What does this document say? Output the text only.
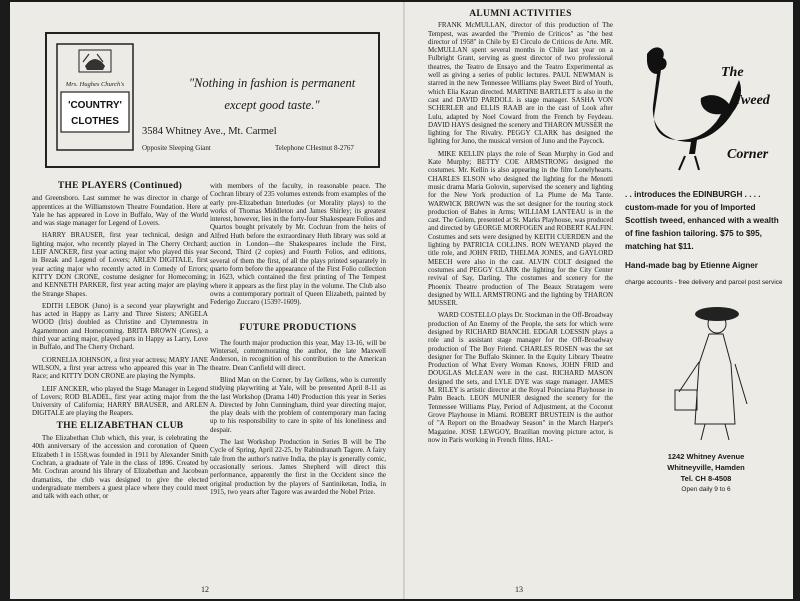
Mrs. Hughes Church's
'COUNTRY'
CLOTHES
"Nothing in fashion is permanent
except good taste."
3584 Whitney Ave., Mt. Carmel
Opposite Sleeping Giant	Telephone CHestnut 8-2767
THE PLAYERS (Continued)

and Greensboro. Last summer he was director in charge of apprentices at the Williamstown Theatre Foundation. Here at Yale he has appeared in Love in Buffalo, Way of the World and was stage manager for Legend of Lovers.

HARRY BRAUSER, first year technical, design and lighting major, who recently played in The Cherry Orchard; LEIF ANCKER, first year acting major who played this year in Bezak and Legend of Lovers; ARLEN DIGITALE, first year acting major who recently acted in Comedy of Errors; KITTY DON CRONE, costume designer for Homecoming; and KENNETH PARKER, first year acting major are playing the Strange Shapes.

EDITH LEBOK (Juno) is a second year playwright and has acted in Happy as Larry and Three Sisters; ANGELA WOOD (Iris) doubled as Christine and Clytemnestra in Agamemnon and Homecoming. BRITA BROWN (Ceres), a third year acting major, played parts in Happy as Larry, Love in Buffalo, and The Cherry Orchard.

CORNELIA JOHNSON, a first year actress; MARY JANE WILSON, a first year actress who appeared this year in The Race; and KITTY DON CRONE are playing the Nymphs.

LEIF ANCKER, who played the Stage Manager in Legend of Lovers; ROD BLADEL, first year acting major from the University of California; HARRY BRAUSER, and ARLEN DIGITALE are playing the Reapers.

THE ELIZABETHAN CLUB

The Elizabethan Club which, this year, is celebrating the 40th anniversary of the accession and coronation of Queen Elizabeth I in 1558,was founded in 1911 by Alexander Smith Cochran, a graduate of Yale in the class of 1896. Created by Mr. Cochran around his library of Elizabethan and Jacobean dramatists, the club was designed to give the elected undergraduate members a guest place where they could meet and talk with each other, or

with members of the faculty, in reasonable peace. The Cochran library of 235 volumes extends from examples of the early pre-Elizabethan Interludes (or Morality plays) to the works of Thomas Middleton and James Shirley; its greatest interest, however, lies in the forty-four Shakespeare Folios and Quartos bought privately by Mr. Cochran from the heirs of Alfred Huth before the extraordinary Huth library was sold at auction in London—the Shakespeares include the First, Second, Third (2 copies) and Fourth Folios, and editions, several of them the first, of all the plays printed separately in quarto form before the appearance of the First Folio collection in 1623, which contained the first printing of The Tempest where it appears as the first play in the volume. The Club also owns a contemporary portrait of Queen Elizabeth, painted by Federigo Zuccaro (1539?-1609).

FUTURE PRODUCTIONS

The fourth major production this year, May 13-16, will be Wintersel, commemorating the author, the late Maxwell Anderson, in recognition of his contribution to the American theatre. Dean Canfield will direct.

Blind Man on the Corner, by Jay Gellens, who is currently studying playwriting at Yale, will be presented April 8-11 as the last Workshop (Drama 140) Production this year in Series A. Directed by John Cunningham, third year directing major, the play deals with the problem of contemporary man facing up to his responsibility to care in spite of his loneliness and despair.

The last Workshop Production in Series B will be The Cycle of Spring, April 22-25, by Rabindranath Tagore. A fairy tale from the author's native India, the play is generally comic, occasionally serious. James Shepherd will direct this performance, apparently the first in the Occident since the original production by the players of Santiniketan, India, in 1915, two years after Tagore was awarded the Nobel Prize.

12
ALUMNI ACTIVITIES

FRANK McMULLAN, director of this production of The Tempest, was awarded the "Premio de Criticos" as "the best director of 1958" in Chile by El Circulo de Criticos de Arte. MR. McMULLAN spent several months in Chile last year on a Fulbright Grant, serving as guest director of two professional theatres, the Teatro de Ensayo and the Teatro Experimental as well as giving a series of public lectures. PAUL NEWMAN is starred in the new Tennessee Williams play Sweet Bird of Youth, which Elia Kazan directed. MARTINE BARTLETT is also in the cast and DAVID PARDOLL is stage manager. SASHA VON SCHERLER and ELLIS RAAB are in the cast of Look after Lulu, adapted by Noel Coward from the French by Feydeau. DAVID HAYS designed the scenery and THARON MUSSER the lighting for The Rivalry. PEGGY CLARK has designed the lighting for Juno, the musical version of Juno and the Paycock.

MIKE KELLIN plays the role of Sean Murphy in God and Kate Murphy; BETTY COE ARMSTRONG designed the costumes. Mr. Kellin is also appearing in the film Lonelyhearts. CHARLES ELSON who designed the lighting for the Menotti music drama Maria Golovin, supervised the scenery and lighting for the New York production of La Plume de Ma Tante. WARWICK BROWN was the set designer for the touring stock production of Babes in Arms; WILLIAM LANTEAU is in the cast. The Golem, presented at St. Marks Playhouse, was produced and directed by GEORGE MORFOGEN and ROBERT KALFIN. Costumes and sets were designed by KEITH CUERDEN and the lighting by PATRICIA COLLINS. RON WEYAND played the title role, and JOHN FRID, THELMA JONES, and GAYLORD MEECH were also in the cast. ALVIN COLT designed the costumes and PEGGY CLARK the lighting for the City Center revival of Say, Darling. The costumes and scenery for the Phoenix Theatre production of The Beaux Stratagem were designed by WILL ARMSTRONG and the lighting by THARON MUSSER.

WARD COSTELLO plays Dr. Stockman in the Off-Broadway production of An Enemy of the People, the sets for which were designed by RICHARD BIANCHI. EDGAR LOESSIN plays a role and is assistant stage manager for the Off-Broadway production of The Boy Friend. CHARLES ROSEN was the set designer for The Buffalo Skinner. In the Equity Library Theatre Production of What Every Woman Knows, JOHN FRID and DOUGLAS McLEAN were in the cast. RICHARD MASON designed the sets, and LYLE DYE was stage manager. JAMES M. RILEY is artistic director at the Royal Poinciana Playhouse in Palm Beach. LEON MUNIER designed the scenery for the Tennessee Williams Play, Period of Adjustment, at the Coconut Grove Playhouse in Miami. ROBERT BRUSTEIN is the author of "A Report on the Broadway Season" in the March Harper's Magazine. JOSE LEWGOY, Brazilian moving picture actor, is now in Paris working in French films. HAL-

13
The
Tweed
Corner

. . introduces the EDINBURGH . . . . custom-made for you of Imported Scottish tweed, enhanced with a wealth of fine fashion tailoring. $75 to $95, matching hat $11.

Hand-made bag by Etienne Aigner

charge accounts - free delivery and parcel post service

1242 Whitney Avenue
Whitneyville, Hamden
Tel. CH 8-4508
Open daily 9 to 6
